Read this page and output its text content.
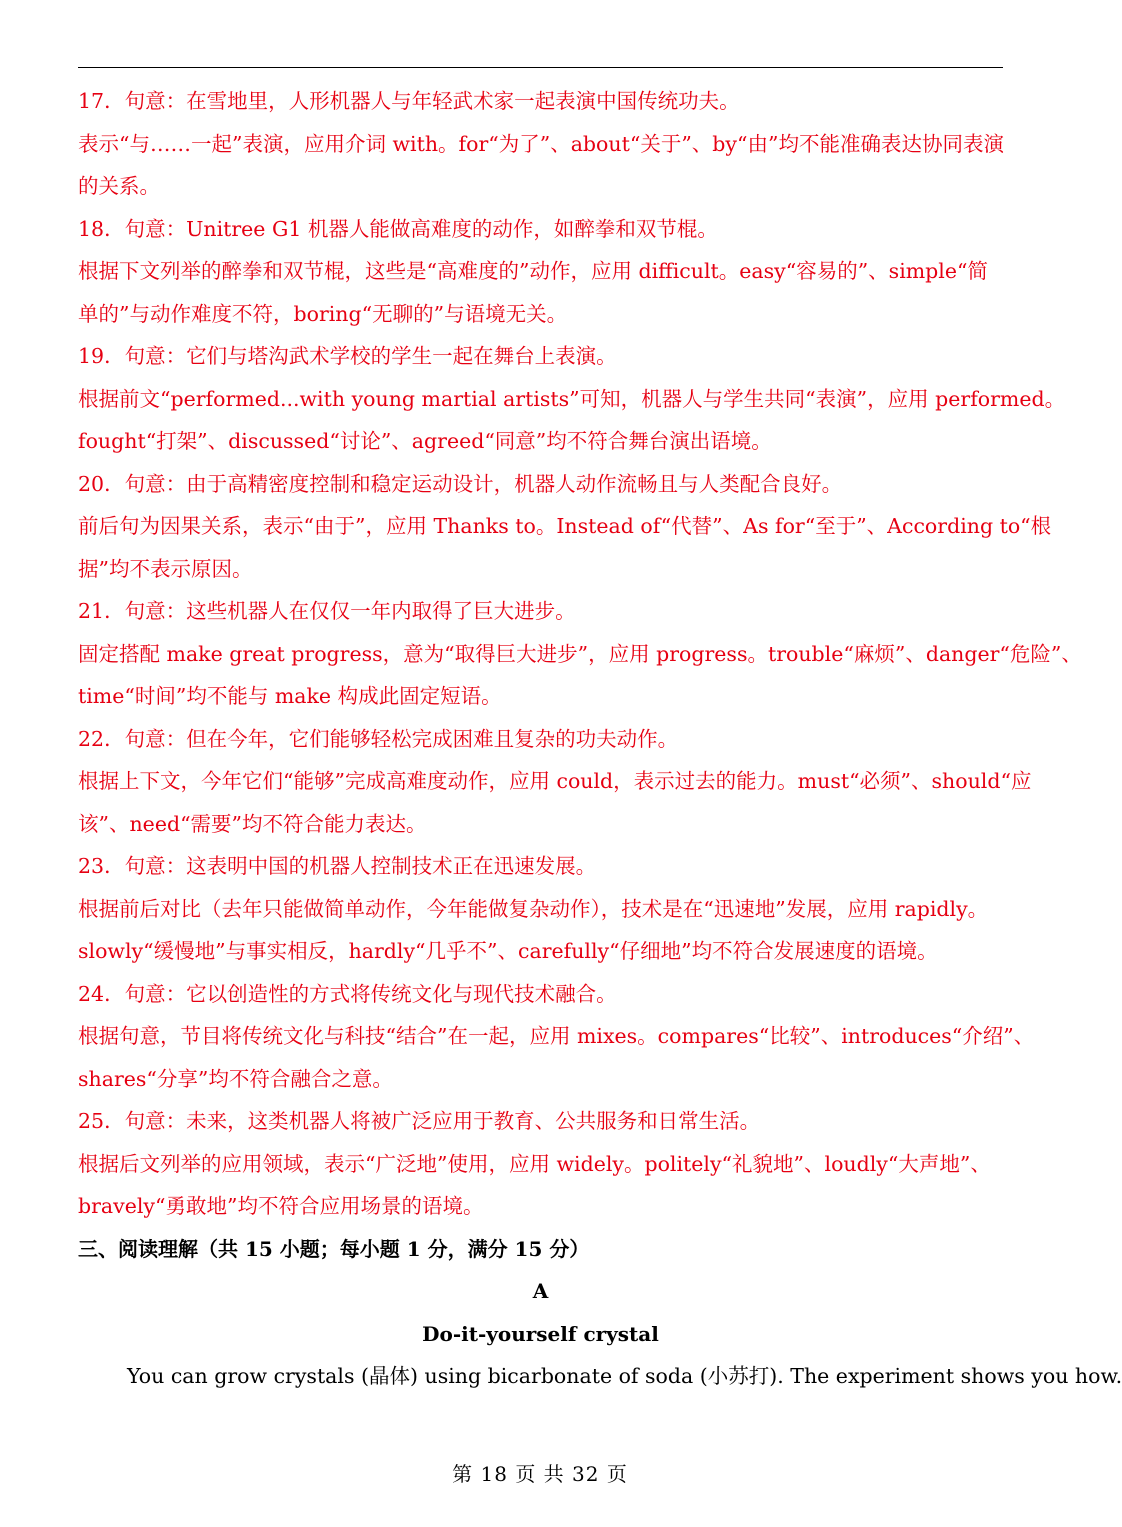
17．句意：在雪地里，人形机器人与年轻武术家一起表演中国传统功夫。
表示“与……一起”表演，应用介词 with。for“为了”、about“关于”、by“由”均不能准确表达协同表演
的关系。
18．句意：Unitree G1 机器人能做高难度的动作，如醉拳和双节棍。
根据下文列举的醉拳和双节棍，这些是“高难度的”动作，应用 difficult。easy“容易的”、simple“简
单的”与动作难度不符，boring“无聊的”与语境无关。
19．句意：它们与塔沟武术学校的学生一起在舞台上表演。
根据前文“performed...with young martial artists”可知，机器人与学生共同“表演”，应用 performed。
fought“打架”、discussed“讨论”、agreed“同意”均不符合舞台演出语境。
20．句意：由于高精密度控制和稳定运动设计，机器人动作流畅且与人类配合良好。
前后句为因果关系，表示“由于”，应用 Thanks to。Instead of“代替”、As for“至于”、According to“根
据”均不表示原因。
21．句意：这些机器人在仅仅一年内取得了巨大进步。
固定搭配 make great progress，意为“取得巨大进步”，应用 progress。trouble“麻烦”、danger“危险”、
time“时间”均不能与 make 构成此固定短语。
22．句意：但在今年，它们能够轻松完成困难且复杂的功夫动作。
根据上下文，今年它们“能够”完成高难度动作，应用 could，表示过去的能力。must“必须”、should“应
该”、need“需要”均不符合能力表达。
23．句意：这表明中国的机器人控制技术正在迅速发展。
根据前后对比（去年只能做简单动作，今年能做复杂动作），技术是在“迅速地”发展，应用 rapidly。
slowly“缓慢地”与事实相反，hardly“几乎不”、carefully“仔细地”均不符合发展速度的语境。
24．句意：它以创造性的方式将传统文化与现代技术融合。
根据句意，节目将传统文化与科技“结合”在一起，应用 mixes。compares“比较”、introduces“介绍”、
shares“分享”均不符合融合之意。
25．句意：未来，这类机器人将被广泛应用于教育、公共服务和日常生活。
根据后文列举的应用领域，表示“广泛地”使用，应用 widely。politely“礼貌地”、loudly“大声地”、
bravely“勇敢地”均不符合应用场景的语境。
三、阅读理解（共 15 小题；每小题 1 分，满分 15 分）
A
Do-it-yourself crystal
You can grow crystals (晶体) using bicarbonate of soda (小苏打). The experiment shows you how.
第 18 页 共 32 页
